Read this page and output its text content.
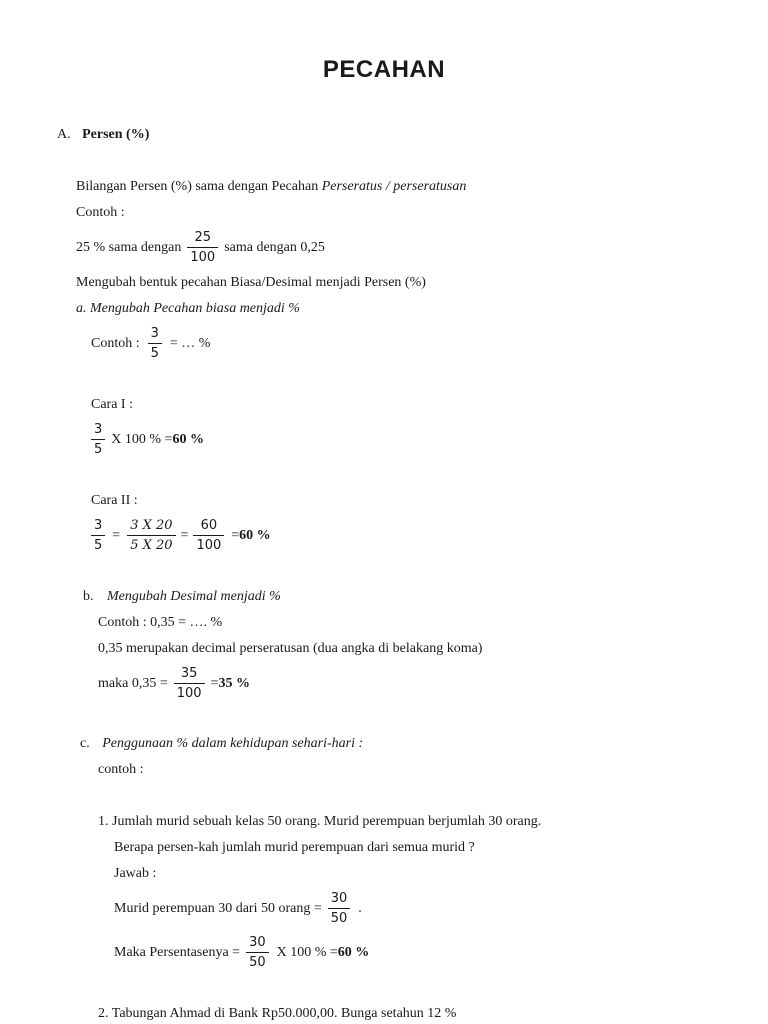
PECAHAN
A. Persen (%)
Bilangan Persen (%) sama dengan Pecahan Perseratus / perseratusan
Contoh :
25 % sama dengan $\frac{25}{100}$ sama dengan 0,25
Mengubah bentuk pecahan Biasa/Desimal menjadi Persen (%)
a. Mengubah Pecahan biasa menjadi %
Contoh : $\frac{3}{5}$ = … %
Cara I :
$\frac{3}{5}$ X 100 % = 60 %
Cara II :
$\frac{3}{5} = \frac{3 X 20}{5 X 20} = \frac{60}{100} = 60$ %
b. Mengubah Desimal menjadi %
Contoh : 0,35 = …. %
0,35 merupakan decimal perseratusan (dua angka di belakang koma)
maka $0,35 = \frac{35}{100} = 35$ %
c. Penggunaan % dalam kehidupan sehari-hari :
contoh :
1. Jumlah murid sebuah kelas 50 orang. Murid perempuan berjumlah 30 orang.
Berapa persen-kah jumlah murid perempuan dari semua murid ?
Jawab :
Murid perempuan 30 dari 50 orang = $\frac{30}{50}$ .
Maka Persentasenya = $\frac{30}{50}$ X 100 % = 60 %
2. Tabungan Ahmad di Bank Rp50.000,00. Bunga setahun 12 %
